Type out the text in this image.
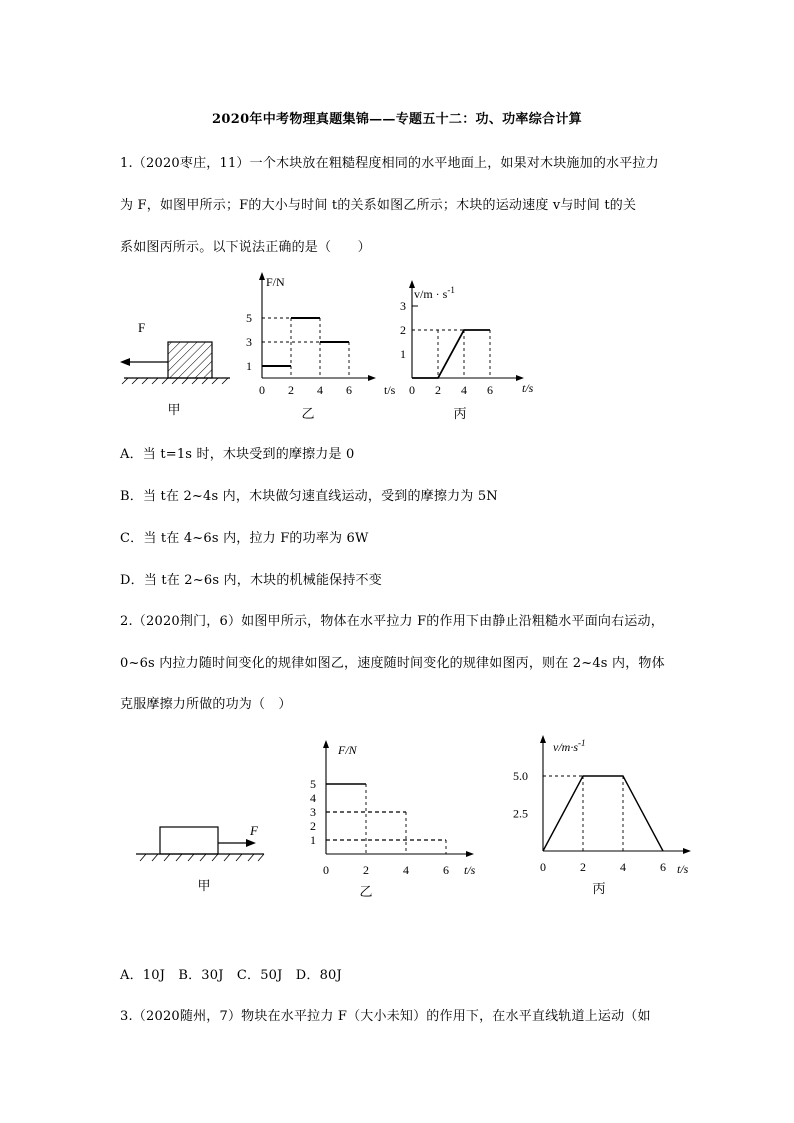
2020年中考物理真题集锦——专题五十二：功、功率综合计算
1.（2020枣庄，11）一个木块放在粗糙程度相同的水平地面上，如果对木块施加的水平拉力
为 F，如图甲所示；F的大小与时间 t的关系如图乙所示；木块的运动速度 v与时间 t的关
系如图丙所示。以下说法正确的是（　　）
F
甲
F/N
t/s
0 2 4 6
1
3
5
乙
$v/m \cdot s^{-1}$
t/s
0 2 4 6
1
2
3
丙
A．当 t=1s 时，木块受到的摩擦力是 0
B．当 t在 2~4s 内，木块做匀速直线运动，受到的摩擦力为 5N
C．当 t在 4~6s 内，拉力 F的功率为 6W
D．当 t在 2~6s 内，木块的机械能保持不变
2.（2020荆门，6）如图甲所示，物体在水平拉力 F的作用下由静止沿粗糙水平面向右运动，
0~6s 内拉力随时间变化的规律如图乙，速度随时间变化的规律如图丙，则在 2~4s 内，物体
克服摩擦力所做的功为（　）
F
甲
F/N
t/s
0	2	4	6
1
2
3
4
5
乙
$v/m\cdot s^{-1}$
t/s
0	2	4	6
2.5
5.0
丙
A．10J　B．30J　C．50J　D．80J
3.（2020随州，7）物块在水平拉力 F（大小未知）的作用下，在水平直线轨道上运动（如
